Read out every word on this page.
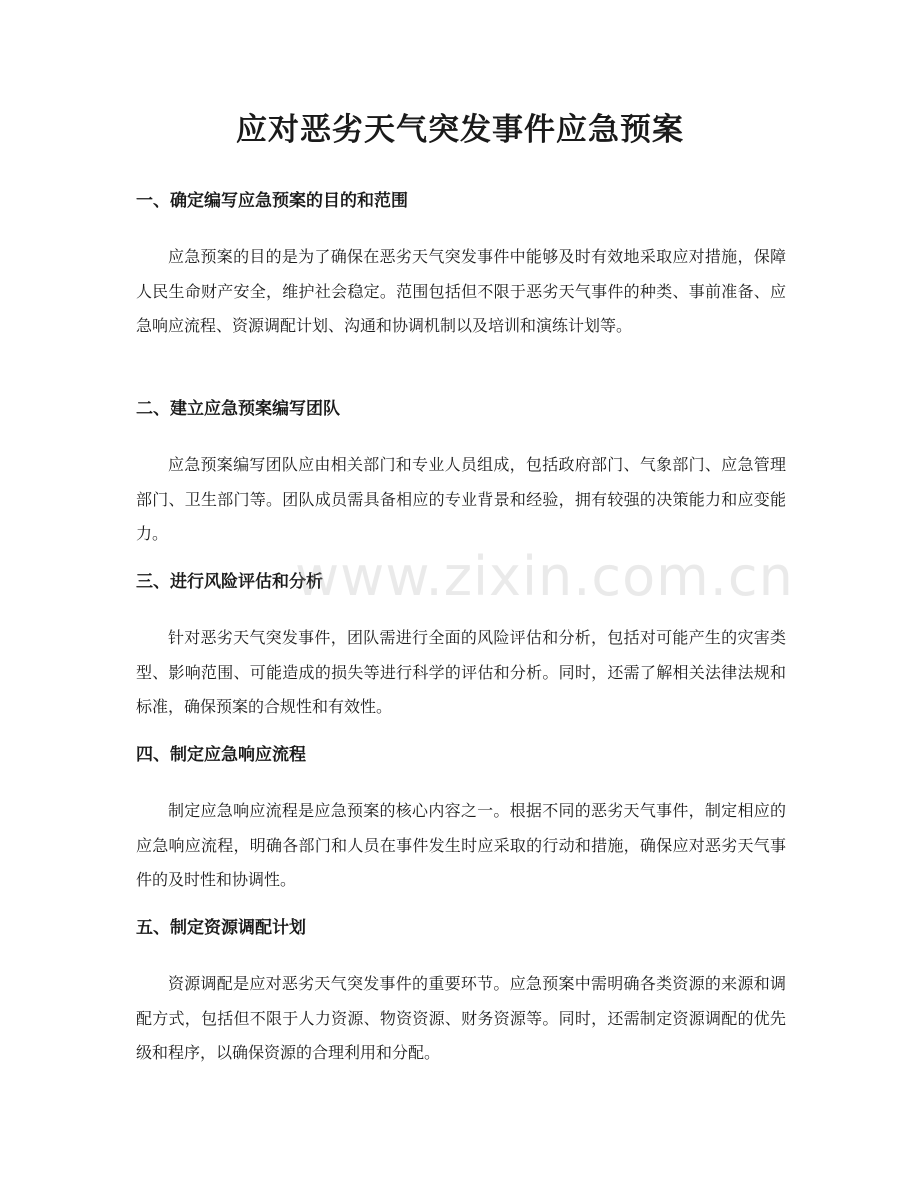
应对恶劣天气突发事件应急预案
一、确定编写应急预案的目的和范围

应急预案的目的是为了确保在恶劣天气突发事件中能够及时有效地采取应对措施，保障人民生命财产安全，维护社会稳定。范围包括但不限于恶劣天气事件的种类、事前准备、应急响应流程、资源调配计划、沟通和协调机制以及培训和演练计划等。

二、建立应急预案编写团队

应急预案编写团队应由相关部门和专业人员组成，包括政府部门、气象部门、应急管理部门、卫生部门等。团队成员需具备相应的专业背景和经验，拥有较强的决策能力和应变能力。

三、进行风险评估和分析

针对恶劣天气突发事件，团队需进行全面的风险评估和分析，包括对可能产生的灾害类型、影响范围、可能造成的损失等进行科学的评估和分析。同时，还需了解相关法律法规和标准，确保预案的合规性和有效性。

四、制定应急响应流程

制定应急响应流程是应急预案的核心内容之一。根据不同的恶劣天气事件，制定相应的应急响应流程，明确各部门和人员在事件发生时应采取的行动和措施，确保应对恶劣天气事件的及时性和协调性。

五、制定资源调配计划

资源调配是应对恶劣天气突发事件的重要环节。应急预案中需明确各类资源的来源和调配方式，包括但不限于人力资源、物资资源、财务资源等。同时，还需制定资源调配的优先级和程序，以确保资源的合理利用和分配。

www.zixin.com.cn
